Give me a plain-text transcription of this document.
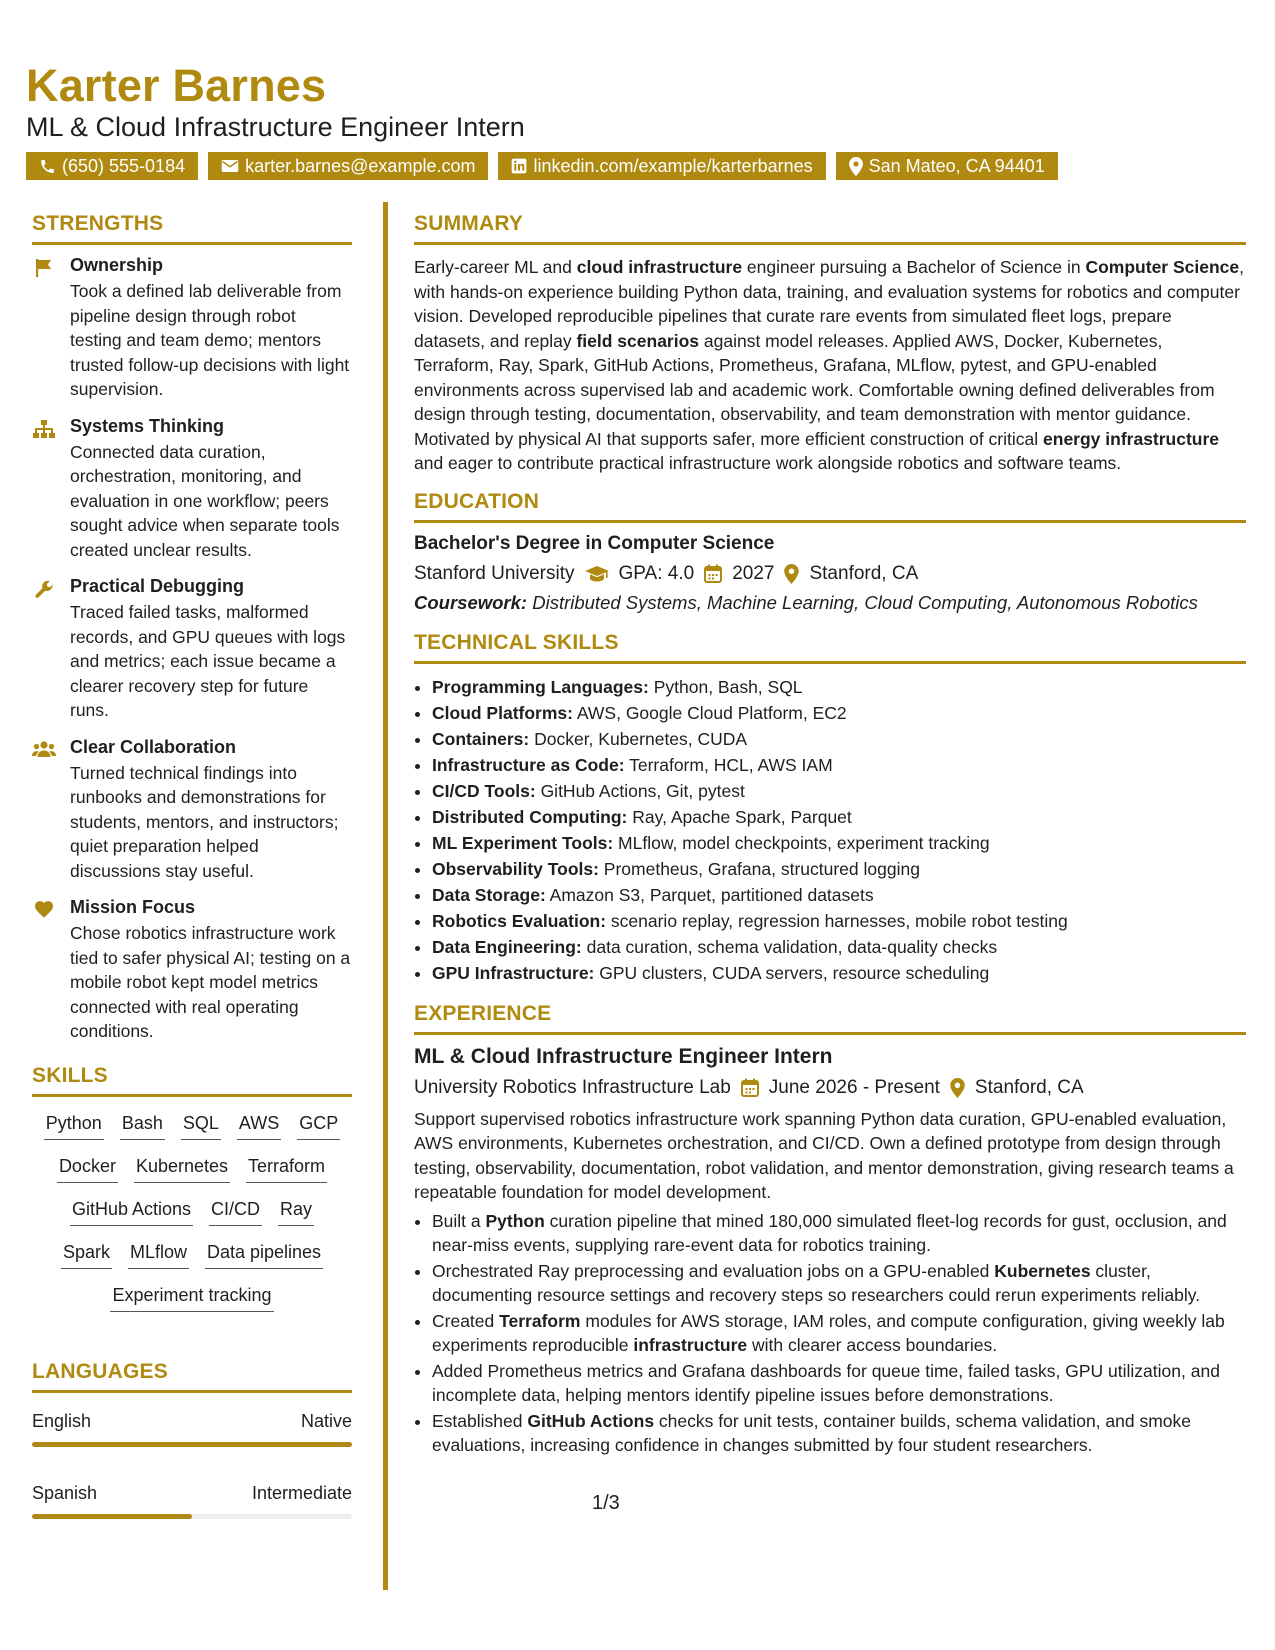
Karter Barnes
ML & Cloud Infrastructure Engineer Intern
(650) 555-0184	karter.barnes@example.com	linkedin.com/example/karterbarnes	San Mateo, CA 94401
STRENGTHS
Ownership
Took a defined lab deliverable from pipeline design through robot testing and team demo; mentors trusted follow-up decisions with light supervision.
Systems Thinking
Connected data curation, orchestration, monitoring, and evaluation in one workflow; peers sought advice when separate tools created unclear results.
Practical Debugging
Traced failed tasks, malformed records, and GPU queues with logs and metrics; each issue became a clearer recovery step for future runs.
Clear Collaboration
Turned technical findings into runbooks and demonstrations for students, mentors, and instructors; quiet preparation helped discussions stay useful.
Mission Focus
Chose robotics infrastructure work tied to safer physical AI; testing on a mobile robot kept model metrics connected with real operating conditions.
SKILLS
Python Bash SQL AWS GCP
Docker Kubernetes Terraform
GitHub Actions CI/CD Ray
Spark MLflow Data pipelines
Experiment tracking
LANGUAGES
English	Native
Spanish	Intermediate
SUMMARY
Early-career ML and cloud infrastructure engineer pursuing a Bachelor of Science in Computer Science, with hands-on experience building Python data, training, and evaluation systems for robotics and computer vision. Developed reproducible pipelines that curate rare events from simulated fleet logs, prepare datasets, and replay field scenarios against model releases. Applied AWS, Docker, Kubernetes, Terraform, Ray, Spark, GitHub Actions, Prometheus, Grafana, MLflow, pytest, and GPU-enabled environments across supervised lab and academic work. Comfortable owning defined deliverables from design through testing, documentation, observability, and team demonstration with mentor guidance. Motivated by physical AI that supports safer, more efficient construction of critical energy infrastructure and eager to contribute practical infrastructure work alongside robotics and software teams.
EDUCATION
Bachelor's Degree in Computer Science
Stanford University GPA: 4.0 2027 Stanford, CA
Coursework: Distributed Systems, Machine Learning, Cloud Computing, Autonomous Robotics
TECHNICAL SKILLS
• Programming Languages: Python, Bash, SQL
• Cloud Platforms: AWS, Google Cloud Platform, EC2
• Containers: Docker, Kubernetes, CUDA
• Infrastructure as Code: Terraform, HCL, AWS IAM
• CI/CD Tools: GitHub Actions, Git, pytest
• Distributed Computing: Ray, Apache Spark, Parquet
• ML Experiment Tools: MLflow, model checkpoints, experiment tracking
• Observability Tools: Prometheus, Grafana, structured logging
• Data Storage: Amazon S3, Parquet, partitioned datasets
• Robotics Evaluation: scenario replay, regression harnesses, mobile robot testing
• Data Engineering: data curation, schema validation, data-quality checks
• GPU Infrastructure: GPU clusters, CUDA servers, resource scheduling
EXPERIENCE
ML & Cloud Infrastructure Engineer Intern
University Robotics Infrastructure Lab June 2026 - Present Stanford, CA
Support supervised robotics infrastructure work spanning Python data curation, GPU-enabled evaluation, AWS environments, Kubernetes orchestration, and CI/CD. Own a defined prototype from design through testing, observability, documentation, robot validation, and mentor demonstration, giving research teams a repeatable foundation for model development.
• Built a Python curation pipeline that mined 180,000 simulated fleet-log records for gust, occlusion, and near-miss events, supplying rare-event data for robotics training.
• Orchestrated Ray preprocessing and evaluation jobs on a GPU-enabled Kubernetes cluster, documenting resource settings and recovery steps so researchers could rerun experiments reliably.
• Created Terraform modules for AWS storage, IAM roles, and compute configuration, giving weekly lab experiments reproducible infrastructure with clearer access boundaries.
• Added Prometheus metrics and Grafana dashboards for queue time, failed tasks, GPU utilization, and incomplete data, helping mentors identify pipeline issues before demonstrations.
• Established GitHub Actions checks for unit tests, container builds, schema validation, and smoke evaluations, increasing confidence in changes submitted by four student researchers.
1/3
